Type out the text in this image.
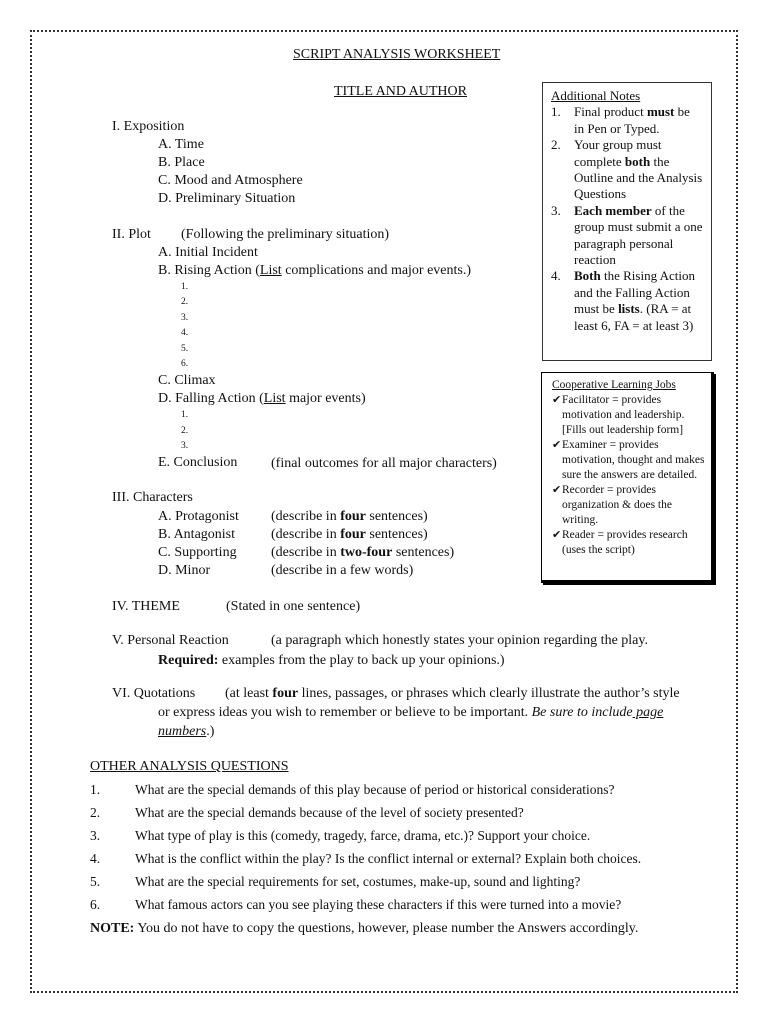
SCRIPT ANALYSIS WORKSHEET
TITLE AND AUTHOR
I. Exposition
A. Time
B. Place
C. Mood and Atmosphere
D. Preliminary Situation
II. Plot (Following the preliminary situation)
A. Initial Incident
B. Rising Action (List complications and major events.)
1.
2.
3.
4.
5.
6.
C. Climax
D. Falling Action (List major events)
1.
2.
3.
E. Conclusion (final outcomes for all major characters)
III. Characters
A. Protagonist (describe in four sentences)
B. Antagonist	(describe in four sentences)
C. Supporting (describe in two-four sentences)
D. Minor	(describe in a few words)
IV. THEME	(Stated in one sentence)
V. Personal Reaction	(a paragraph which honestly states your opinion regarding the play.
Required: examples from the play to back up your opinions.)
VI. Quotations (at least four lines, passages, or phrases which clearly illustrate the author’s style
or express ideas you wish to remember or believe to be important. Be sure to include page
numbers.)
Additional Notes
1. Final product must be in Pen or Typed.
2. Your group must complete both the Outline and the Analysis Questions
3. Each member of the group must submit a one paragraph personal reaction
4. Both the Rising Action and the Falling Action must be lists. (RA = at least 6, FA = at least 3)
Cooperative Learning Jobs
✔ Facilitator = provides motivation and leadership. [Fills out leadership form]
✔ Examiner = provides motivation, thought and makes sure the answers are detailed.
✔ Recorder = provides organization & does the writing.
✔ Reader = provides research (uses the script)
OTHER ANALYSIS QUESTIONS
1.	What are the special demands of this play because of period or historical considerations?
2.	What are the special demands because of the level of society presented?
3.	What type of play is this (comedy, tragedy, farce, drama, etc.)? Support your choice.
4.	What is the conflict within the play? Is the conflict internal or external? Explain both choices.
5.	What are the special requirements for set, costumes, make-up, sound and lighting?
6.	What famous actors can you see playing these characters if this were turned into a movie?
NOTE: You do not have to copy the questions, however, please number the Answers accordingly.
